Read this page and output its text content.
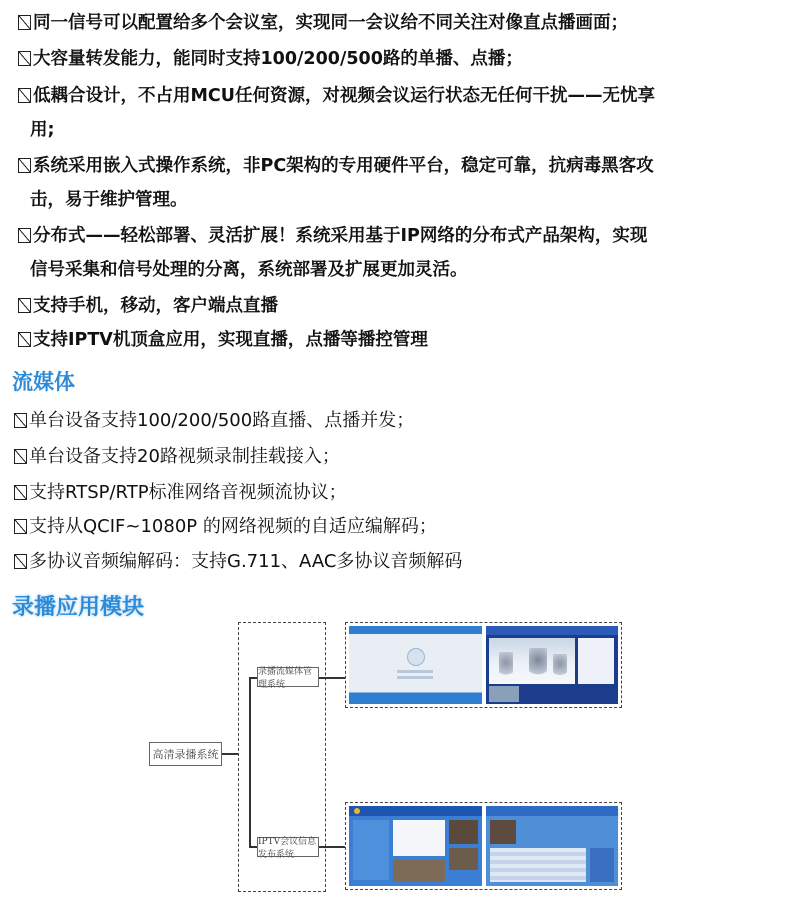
同一信号可以配置给多个会议室，实现同一会议给不同关注对像直点播画面；
大容量转发能力，能同时支持100/200/500路的单播、点播；
低耦合设计，不占用MCU任何资源，对视频会议运行状态无任何干扰——无忧享
用;
系统采用嵌入式操作系统，非PC架构的专用硬件平台，稳定可靠，抗病毒黑客攻
击，易于维护管理。
分布式——轻松部署、灵活扩展！系统采用基于IP网络的分布式产品架构，实现
信号采集和信号处理的分离，系统部署及扩展更加灵活。
支持手机，移动，客户端点直播
支持IPTV机顶盒应用，实现直播，点播等播控管理
流媒体
单台设备支持100/200/500路直播、点播并发；
单台设备支持20路视频录制挂载接入；
支持RTSP/RTP标准网络音视频流协议；
支持从QCIF~1080P 的网络视频的自适应编解码；
多协议音频编解码：支持G.711、AAC多协议音频解码
录播应用模块
高清录播系统
录播流媒体管理系统
IPTV会议信息发布系统
